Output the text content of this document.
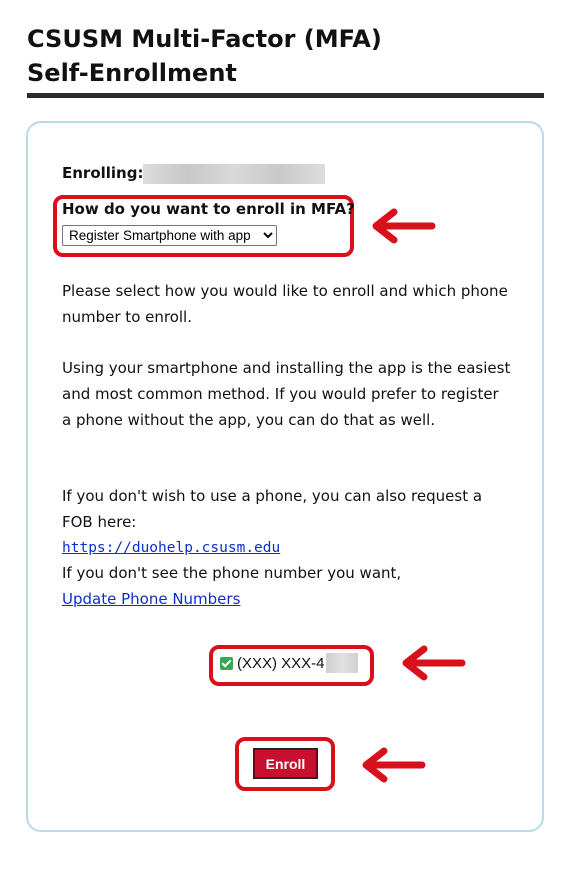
CSUSM Multi-Factor (MFA)
Self-Enrollment
Enrolling:
How do you want to enroll in MFA?
Register Smartphone with app
Please select how you would like to enroll and which phone number to enroll.
Using your smartphone and installing the app is the easiest and most common method. If you would prefer to register a phone without the app, you can do that as well.
If you don't wish to use a phone, you can also request a FOB here:
https://duohelp.csusm.edu
If you don't see the phone number you want,
Update Phone Numbers
(XXX) XXX-4
Enroll
